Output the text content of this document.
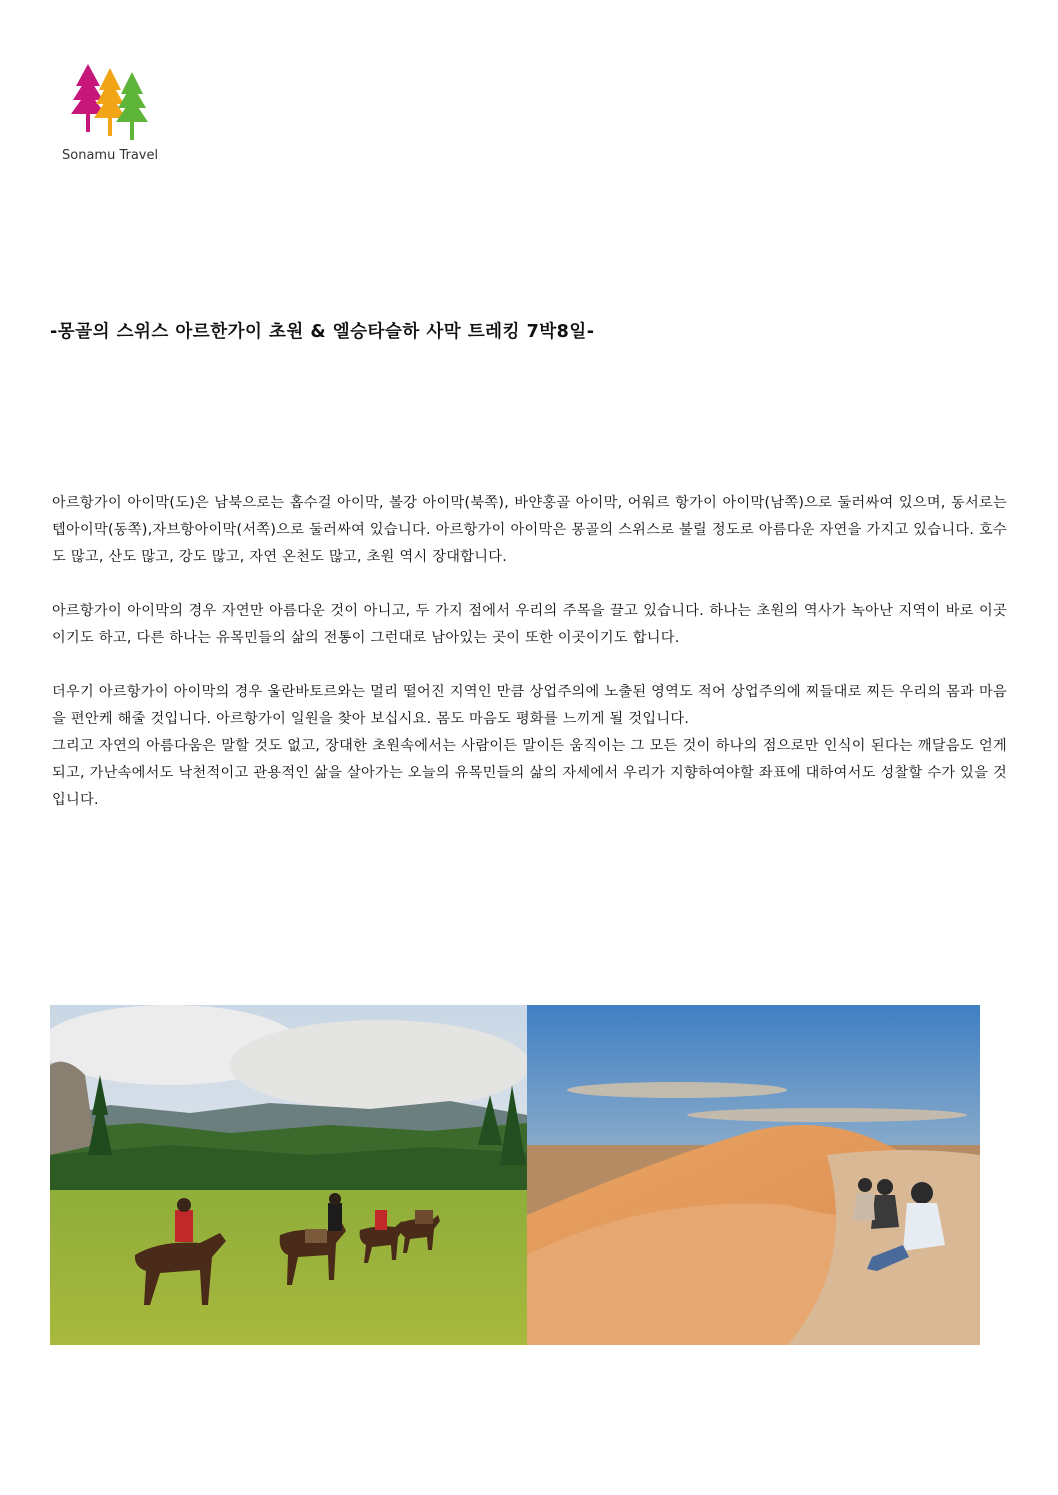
Sonamu Travel
-몽골의 스위스 아르한가이 초원 & 엘승타슬하 사막 트레킹 7박8일-

아르항가이 아이막(도)은 남북으로는 홉수걸 아이막, 볼강 아이막(북쪽), 바얀홍골 아이막, 어워르 항가이 아이막(남쪽)으로 둘러싸여 있으며, 동서로는 텝아이막(동쪽),자브항아이막(서쪽)으로 둘러싸여 있습니다. 아르항가이 아이막은 몽골의 스위스로 불릴 정도로 아름다운 자연을 가지고 있습니다. 호수도 많고, 산도 많고, 강도 많고, 자연 온천도 많고, 초원 역시 장대합니다.

아르항가이 아이막의 경우 자연만 아름다운 것이 아니고, 두 가지 점에서 우리의 주목을 끌고 있습니다. 하나는 초원의 역사가 녹아난 지역이 바로 이곳이기도 하고, 다른 하나는 유목민들의 삶의 전통이 그런대로 남아있는 곳이 또한 이곳이기도 합니다.

더우기 아르항가이 아이막의 경우 울란바토르와는 멀리 떨어진 지역인 만큼 상업주의에 노출된 영역도 적어 상업주의에 찌들대로 찌든 우리의 몸과 마음을 편안케 해줄 것입니다. 아르항가이 일원을 찾아 보십시요. 몸도 마음도 평화를 느끼게 될 것입니다.

그리고 자연의 아름다움은 말할 것도 없고, 장대한 초원속에서는 사람이든 말이든 움직이는 그 모든 것이 하나의 점으로만 인식이 된다는 깨달음도 얻게 되고, 가난속에서도 낙천적이고 관용적인 삶을 살아가는 오늘의 유목민들의 삶의 자세에서 우리가 지향하여야할 좌표에 대하여서도 성찰할 수가 있을 것입니다.
